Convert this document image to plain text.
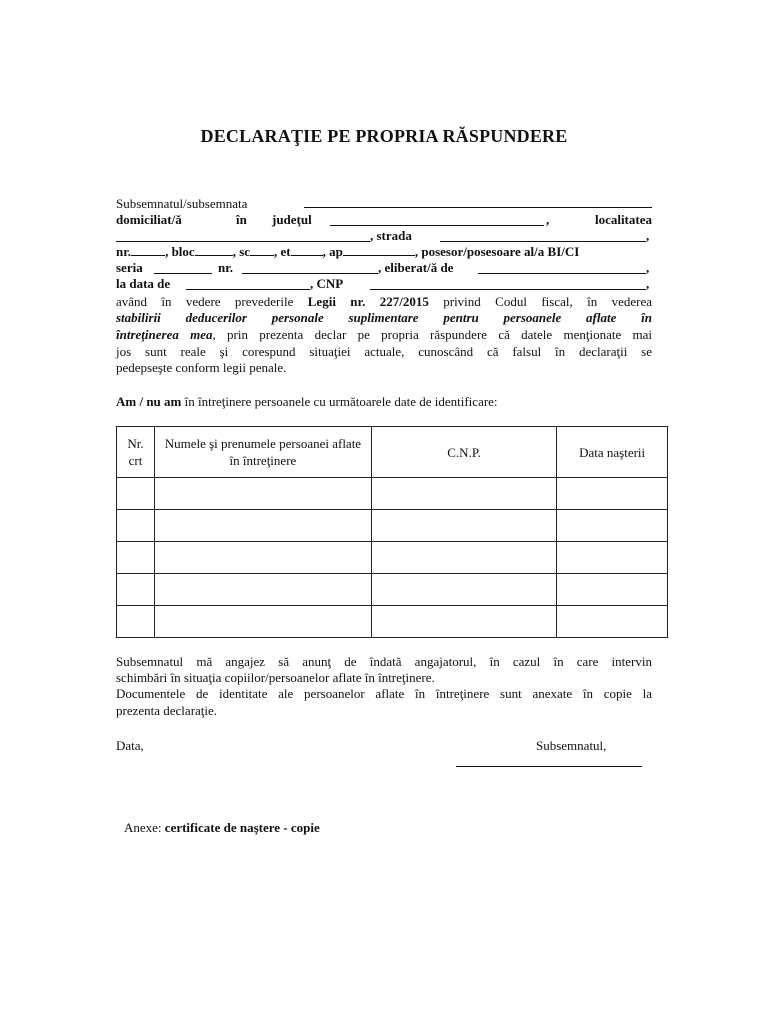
DECLARAŢIE PE PROPRIA RĂSPUNDERE
Subsemnatul/subsemnata
domiciliat/ă	în judeţul	,	localitatea
, strada	,
nr.	, bloc	, sc , et , ap	, posesor/posesoare al/a BI/CI
seria	nr.	, eliberat/ă de	,
la data de	, CNP	,
având în vedere prevederile Legii nr. 227/2015 privind Codul fiscal, în vederea
stabilirii deducerilor personale suplimentare pentru persoanele aflate în
întreţinerea mea, prin prezenta declar pe propria răspundere că datele menţionate mai
jos sunt reale şi corespund situaţiei actuale, cunoscând că falsul în declaraţii se
pedepseşte conform legii penale.
Am / nu am în întreţinere persoanele cu următoarele date de identificare:
Nr. crt	Numele şi prenumele persoanei aflate în întreţinere	C.N.P.	Data naşterii

Subsemnatul mă angajez să anunţ de îndată angajatorul, în cazul în care intervin
schimbări în situaţia copiilor/persoanelor aflate în întreţinere.
Documentele de identitate ale persoanelor aflate în întreţinere sunt anexate în copie la
prezenta declaraţie.
Data,	Subsemnatul,
Anexe: certificate de naştere - copie
